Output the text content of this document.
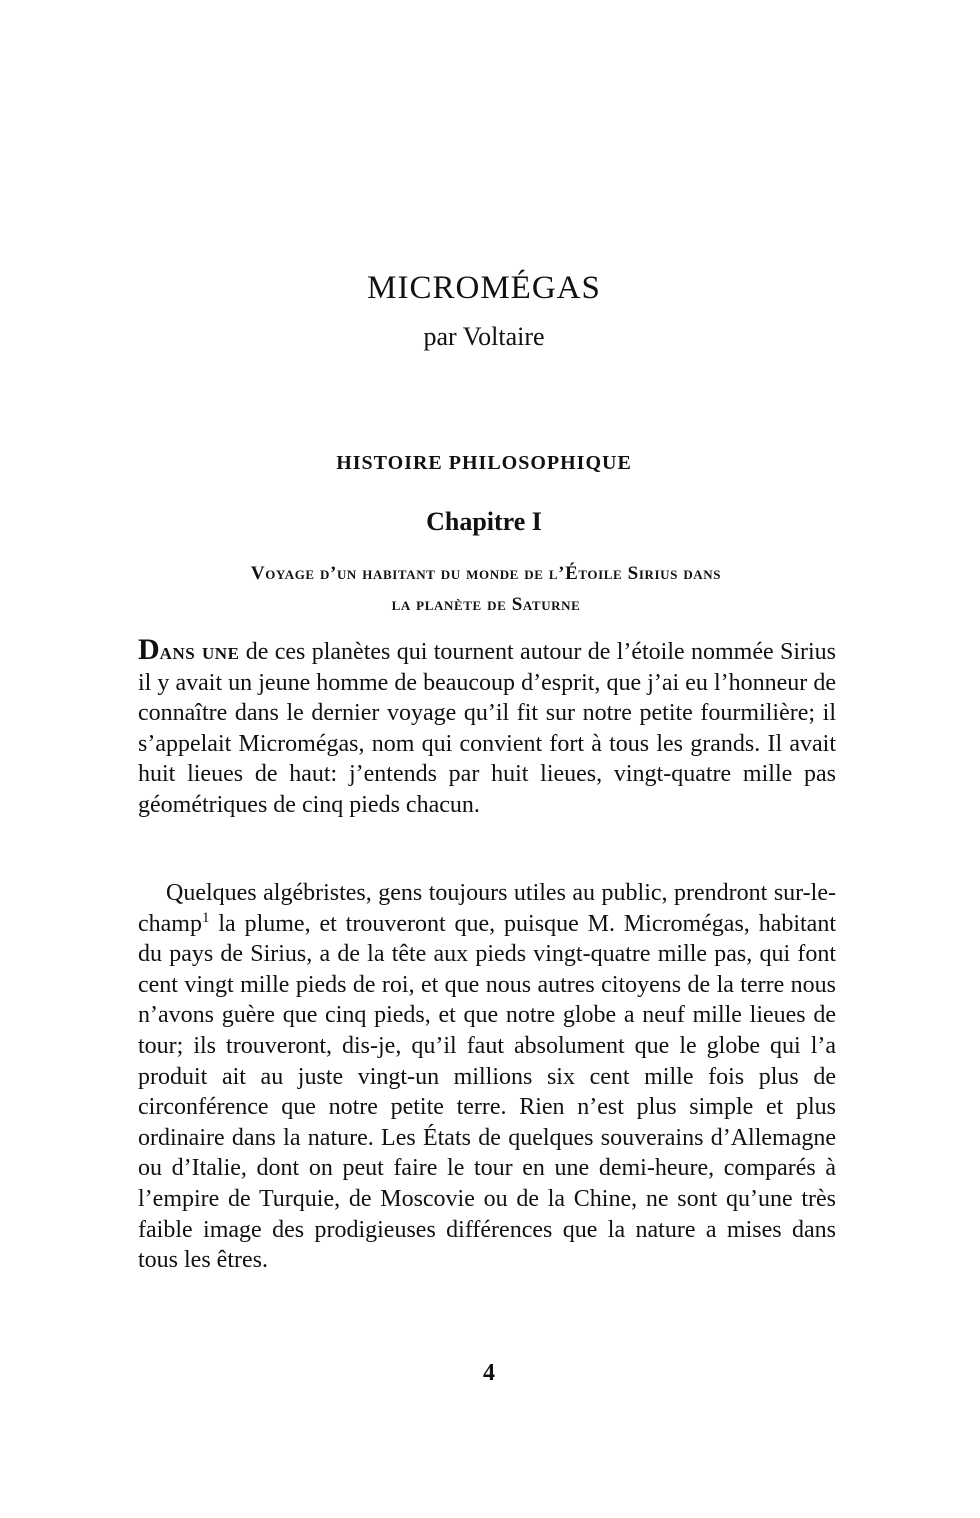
MICROMÉGAS

par Voltaire

HISTOIRE PHILOSOPHIQUE
Chapitre I
Voyage d’un habitant du monde de l’Étoile Sirius dans
la planète de Saturne

Dans une de ces planètes qui tournent autour de l’étoile nommée Sirius il y avait un jeune homme de beaucoup d’esprit, que j’ai eu l’honneur de connaître dans le dernier voyage qu’il fit sur notre petite fourmilière; il s’appelait Micromégas, nom qui convient fort à tous les grands. Il avait huit lieues de haut: j’entends par huit lieues, vingt-quatre mille pas géométriques de cinq pieds chacun.

Quelques algébristes, gens toujours utiles au public, prendront sur-le-champ$^1$ la plume, et trouveront que, puisque M. Micromégas, habitant du pays de Sirius, a de la tête aux pieds vingt-quatre mille pas, qui font cent vingt mille pieds de roi, et que nous autres citoyens de la terre nous n’avons guère que cinq pieds, et que notre globe a neuf mille lieues de tour; ils trouveront, dis-je, qu’il faut absolument que le globe qui l’a produit ait au juste vingt-un millions six cent mille fois plus de circonférence que notre petite terre. Rien n’est plus simple et plus ordinaire dans la nature. Les États de quelques souverains d’Allemagne ou d’Italie, dont on peut faire le tour en une demi-heure, comparés à l’empire de Turquie, de Moscovie ou de la Chine, ne sont qu’une très faible image des prodigieuses différences que la nature a mises dans tous les êtres.

4
